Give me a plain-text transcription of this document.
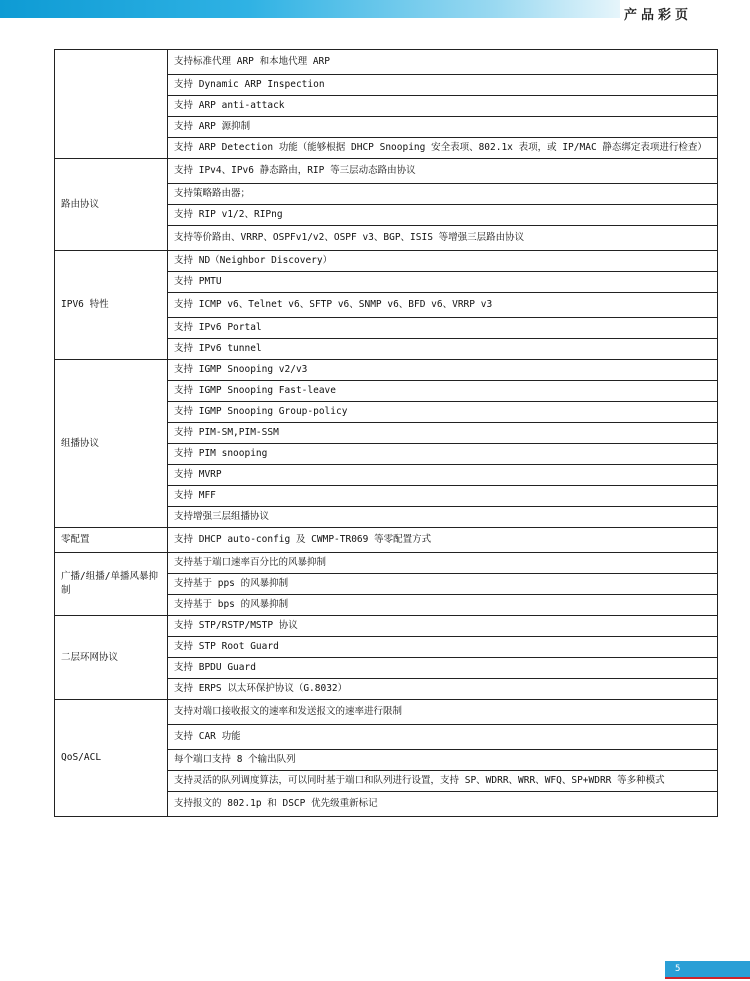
产品彩页
	支持标准代理 ARP 和本地代理 ARP
	支持 Dynamic ARP Inspection
	支持 ARP anti-attack
	支持 ARP 源抑制
	支持 ARP Detection 功能（能够根据 DHCP Snooping 安全表项、802.1x 表项，或 IP/MAC 静态绑定表项进行检查）
路由协议	支持 IPv4、IPv6 静态路由，RIP 等三层动态路由协议
	支持策略路由器；
	支持 RIP v1/2、RIPng
	支持等价路由、VRRP、OSPFv1/v2、OSPF v3、BGP、ISIS 等增强三层路由协议
IPV6 特性	支持 ND（Neighbor Discovery）
	支持 PMTU
	支持 ICMP v6、Telnet v6、SFTP v6、SNMP v6、BFD v6、VRRP v3
	支持 IPv6 Portal
	支持 IPv6 tunnel
组播协议	支持 IGMP Snooping v2/v3
	支持 IGMP Snooping Fast-leave
	支持 IGMP Snooping Group-policy
	支持 PIM-SM,PIM-SSM
	支持 PIM snooping
	支持 MVRP
	支持 MFF
	支持增强三层组播协议
零配置	支持 DHCP auto-config 及 CWMP-TR069 等零配置方式
广播/组播/单播风暴抑制	支持基于端口速率百分比的风暴抑制
	支持基于 pps 的风暴抑制
	支持基于 bps 的风暴抑制
二层环网协议	支持 STP/RSTP/MSTP 协议
	支持 STP Root Guard
	支持 BPDU Guard
	支持 ERPS 以太环保护协议（G.8032）
QoS/ACL	支持对端口接收报文的速率和发送报文的速率进行限制
	支持 CAR 功能
	每个端口支持 8 个输出队列
	支持灵活的队列调度算法，可以同时基于端口和队列进行设置，支持 SP、WDRR、WRR、WFQ、SP+WDRR 等多种模式
	支持报文的 802.1p 和 DSCP 优先级重新标记
5
